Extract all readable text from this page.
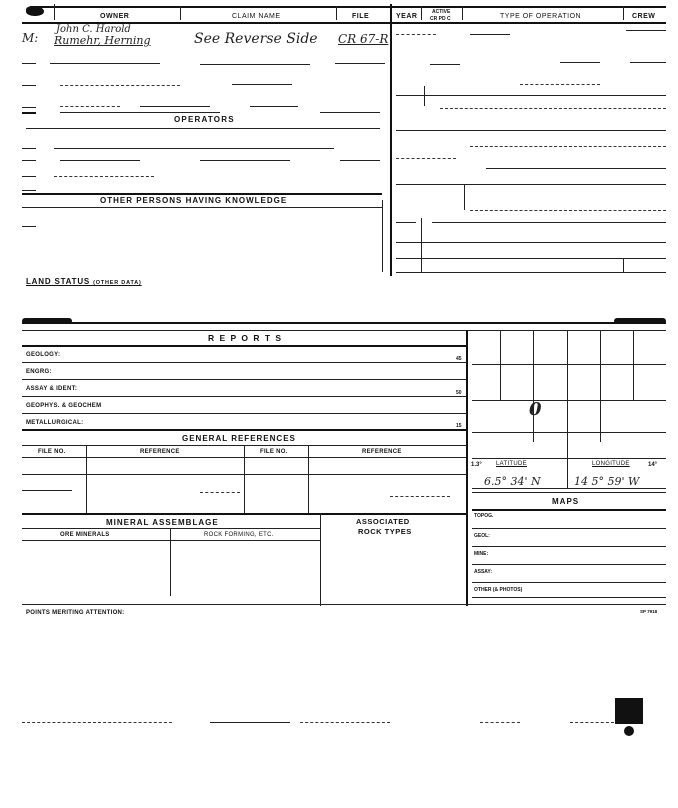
OWNER	CLAIM NAME	FILE	YEAR
ACTIVE
CR PD C	TYPE OF OPERATION	CREW
M:
John C. Harold
Rumehr, Herning	See Reverse Side CR 67-R
OPERATORS
OTHER PERSONS HAVING KNOWLEDGE
LAND STATUS (OTHER DATA)
R E P O R T S
GEOLOGY:
ENGRG:
ASSAY & IDENT:
GEOPHYS. & GEOCHEM
METALLURGICAL:
45
50
15
GENERAL REFERENCES
FILE NO.	REFERENCE	FILE NO.	REFERENCE
MINERAL ASSEMBLAGE	ASSOCIATED
ROCK TYPES
ORE MINERALS	ROCK FORMING, ETC.
0
1.3° LATITUDE	LONGITUDE	14°
6.5° 34' N	14 5° 59' W
MAPS
TOPOG.
GEOL:
MINE:
ASSAY:
OTHER (& PHOTOS)
POINTS MERITING ATTENTION:	SP 7918
